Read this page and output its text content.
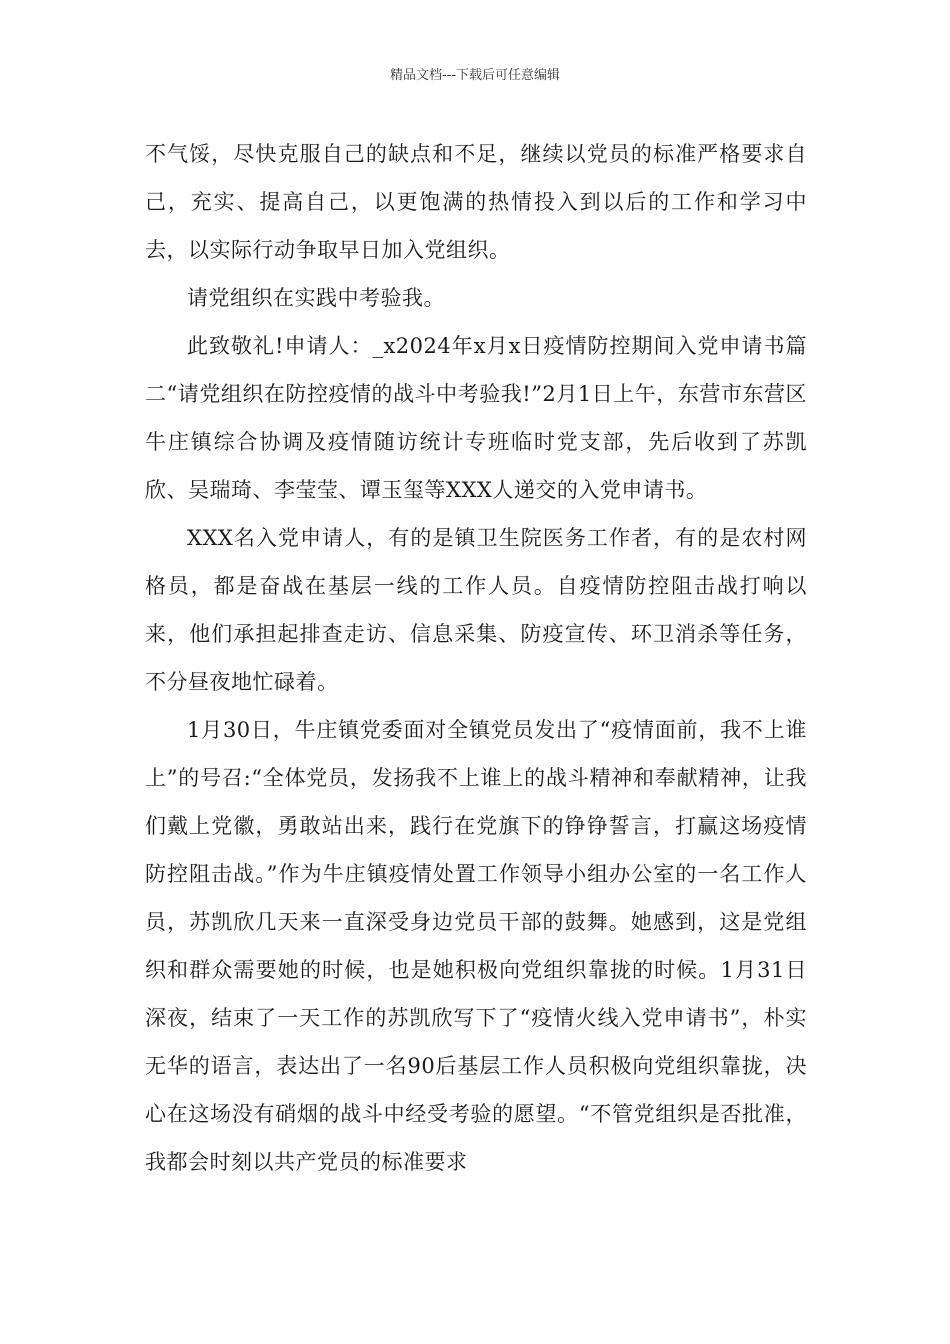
精品文档---下载后可任意编辑

不气馁，尽快克服自己的缺点和不足，继续以党员的标准严格要求自己，充实、提高自己，以更饱满的热情投入到以后的工作和学习中去，以实际行动争取早日加入党组织。

请党组织在实践中考验我。

此致敬礼!申请人：_x2024年x月x日疫情防控期间入党申请书篇二“请党组织在防控疫情的战斗中考验我!”2月1日上午，东营市东营区牛庄镇综合协调及疫情随访统计专班临时党支部，先后收到了苏凯欣、吴瑞琦、李莹莹、谭玉玺等XXX人递交的入党申请书。

XXX名入党申请人，有的是镇卫生院医务工作者，有的是农村网格员，都是奋战在基层一线的工作人员。自疫情防控阻击战打响以来，他们承担起排查走访、信息采集、防疫宣传、环卫消杀等任务，不分昼夜地忙碌着。

1月30日，牛庄镇党委面对全镇党员发出了“疫情面前，我不上谁上”的号召:“全体党员，发扬我不上谁上的战斗精神和奉献精神，让我们戴上党徽，勇敢站出来，践行在党旗下的铮铮誓言，打赢这场疫情防控阻击战。”作为牛庄镇疫情处置工作领导小组办公室的一名工作人员，苏凯欣几天来一直深受身边党员干部的鼓舞。她感到，这是党组织和群众需要她的时候，也是她积极向党组织靠拢的时候。1月31日深夜，结束了一天工作的苏凯欣写下了“疫情火线入党申请书”，朴实无华的语言，表达出了一名90后基层工作人员积极向党组织靠拢，决心在这场没有硝烟的战斗中经受考验的愿望。“不管党组织是否批准，我都会时刻以共产党员的标准要求
